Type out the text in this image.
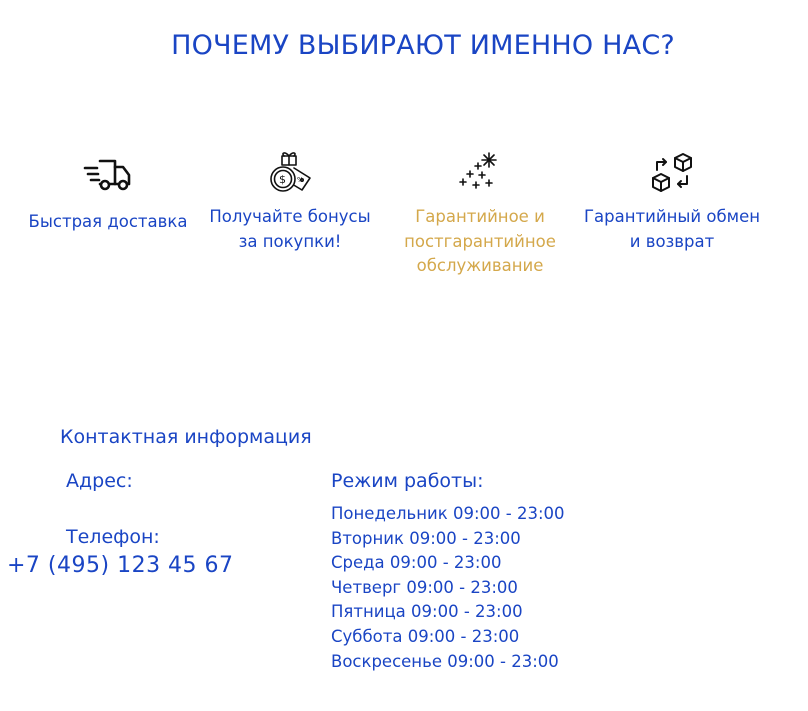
ПОЧЕМУ ВЫБИРАЮТ ИМЕННО НАС?
Быстрая доставка
%
$
Получайте бонусы
за покупки!
Гарантийное и
постгарантийное
обслуживание
Гарантийный обмен
и возврат
Контактная информация
Адрес:
Телефон:
+7 (495) 123 45 67
Режим работы:
Понедельник 09:00 - 23:00
Вторник 09:00 - 23:00
Среда 09:00 - 23:00
Четверг 09:00 - 23:00
Пятница 09:00 - 23:00
Суббота 09:00 - 23:00
Воскресенье 09:00 - 23:00
